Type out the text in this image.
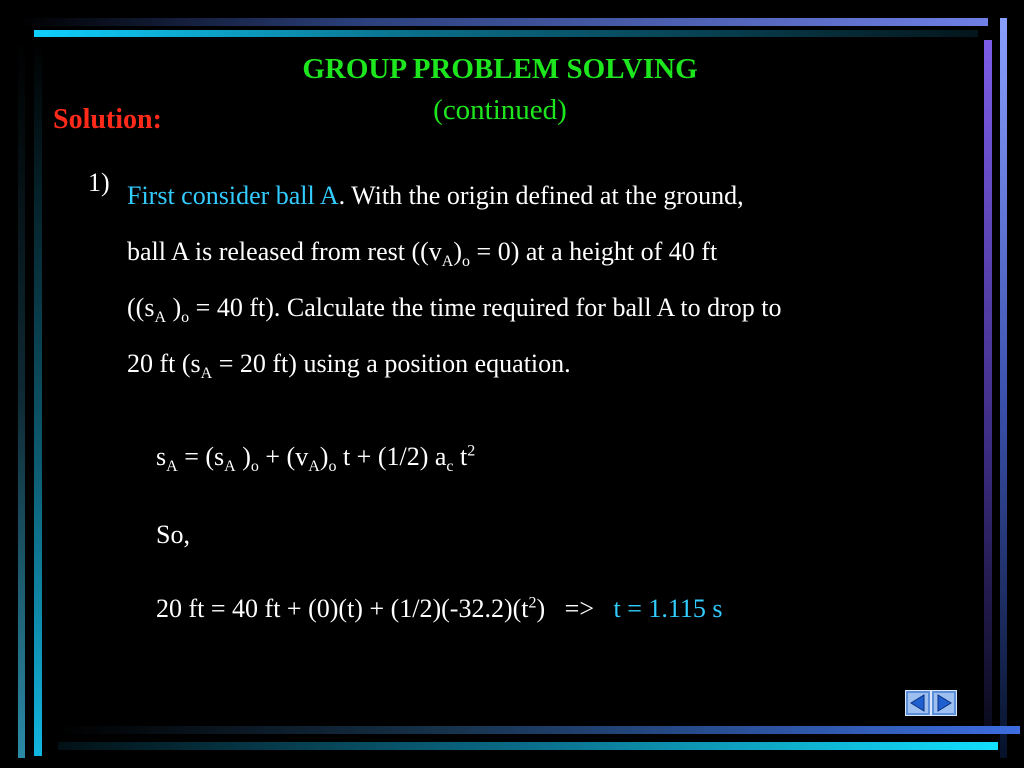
GROUP PROBLEM SOLVING
(continued)
Solution:
1) First consider ball A. With the origin defined at the ground,
ball A is released from rest $((v_A)_o = 0)$ at a height of 40 ft
(($s_A$ )$_o = 40$ ft). Calculate the time required for ball A to drop to
20 ft ($s_A = 20$ ft) using a position equation.
$s_A = (s_A$ )$_o + (v_A)_o$ t + (1/2) $a_c$ $t^2$
So,
20 ft = 40 ft + $(0)(t) + (1/2)(-32.2)(t^2) => t = 1.115$ s
